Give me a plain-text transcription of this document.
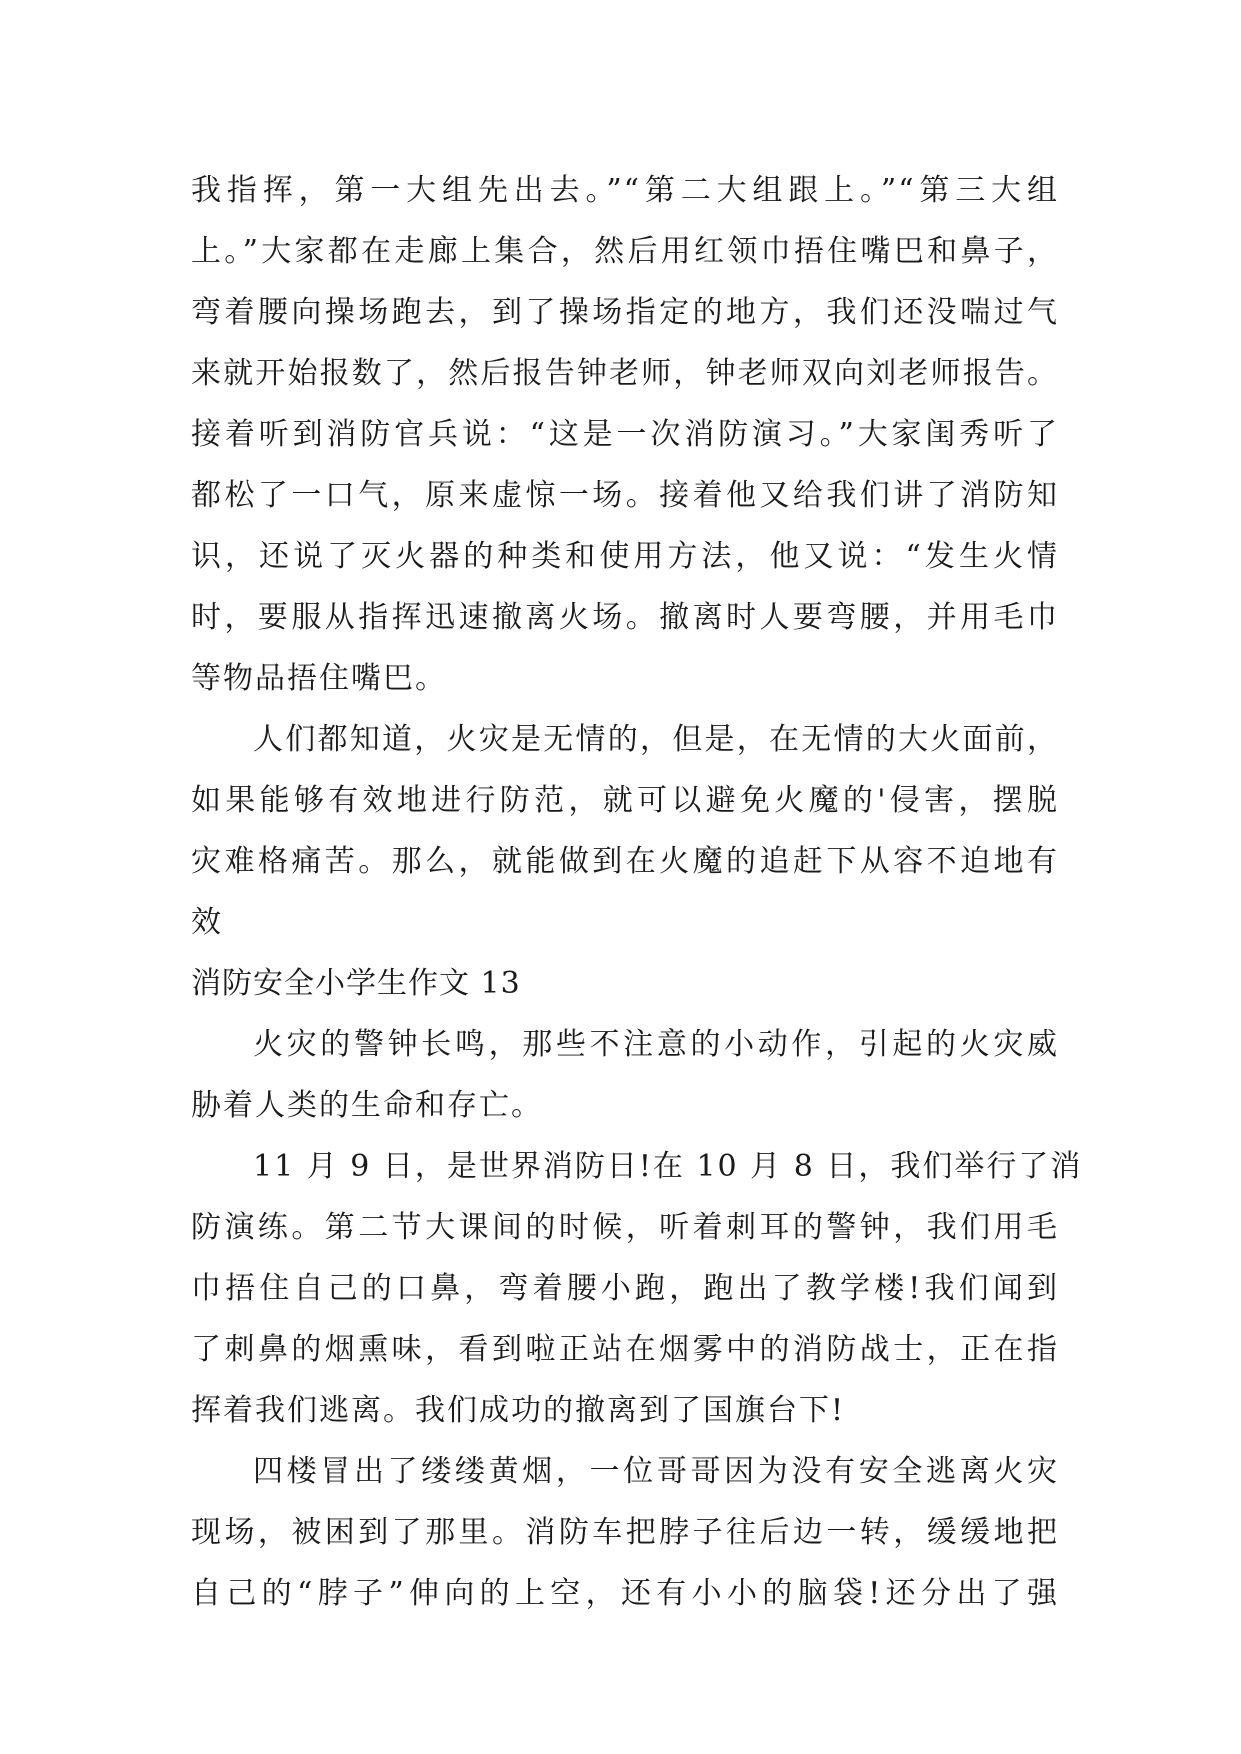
我指挥，第一大组先出去。”“第二大组跟上。”“第三大组
上。”大家都在走廊上集合，然后用红领巾捂住嘴巴和鼻子，
弯着腰向操场跑去，到了操场指定的地方，我们还没喘过气
来就开始报数了，然后报告钟老师，钟老师双向刘老师报告。
接着听到消防官兵说：“这是一次消防演习。”大家闺秀听了
都松了一口气，原来虚惊一场。接着他又给我们讲了消防知
识，还说了灭火器的种类和使用方法，他又说：“发生火情
时，要服从指挥迅速撤离火场。撤离时人要弯腰，并用毛巾
等物品捂住嘴巴。
人们都知道，火灾是无情的，但是，在无情的大火面前，
如果能够有效地进行防范，就可以避免火魔的'侵害，摆脱
灾难格痛苦。那么，就能做到在火魔的追赶下从容不迫地有
效
消防安全小学生作文 13
火灾的警钟长鸣，那些不注意的小动作，引起的火灾威
胁着人类的生命和存亡。
11 月 9 日，是世界消防日!在 10 月 8 日，我们举行了消
防演练。第二节大课间的时候，听着刺耳的警钟，我们用毛
巾捂住自己的口鼻，弯着腰小跑，跑出了教学楼!我们闻到
了刺鼻的烟熏味，看到啦正站在烟雾中的消防战士，正在指
挥着我们逃离。我们成功的撤离到了国旗台下!
四楼冒出了缕缕黄烟，一位哥哥因为没有安全逃离火灾
现场，被困到了那里。消防车把脖子往后边一转，缓缓地把
自己的“脖子”伸向的上空，还有小小的脑袋!还分出了强
